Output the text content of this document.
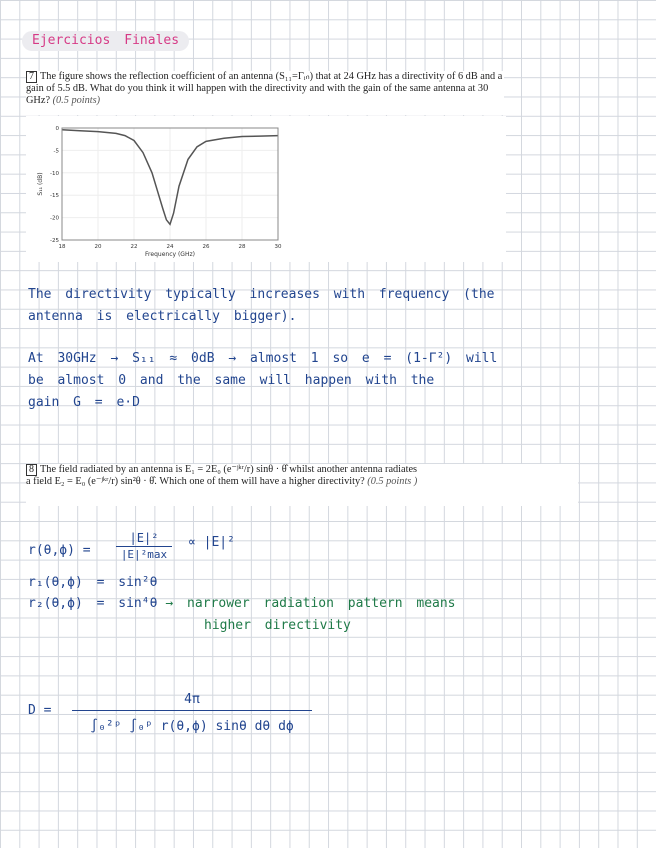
Ejercicios Finales
7 The figure shows the reflection coefficient of an antenna (S₁₁=Γᵢₙ) that at 24 GHz has a directivity of 6 dB and a gain of 5.5 dB. What do you think it will happen with the directivity and with the gain of the same antenna at 30 GHz? (0.5 points)
0
-5
-10
-15
-20
-25
18	20	22	24	26	28	30
Frequency (GHz)
S₁₁ (dB)
The directivity typically increases with frequency (the
antenna is electrically bigger).
At 30GHz → S₁₁ ≈ 0dB → almost 1 so e = (1-Γ²) will
be almost 0 and the same will happen with the
gain G = e·D
8 The field radiated by an antenna is E₁ = 2E₀ (e⁻ʲᵏʳ/r) sinθ · θ̂ whilst another antenna radiates
a field E₂ = E₀ (e⁻ʲᵏʳ/r) sin²θ · θ̂. Which one of them will have a higher directivity? (0.5 points )
r(θ,ϕ) =
|E|²
|E|²max
∝ |E|²
r₁(θ,ϕ) = sin²θ
r₂(θ,ϕ) = sin⁴θ → narrower radiation pattern means
higher directivity
$D = \frac{4\pi}{\text{∫₀²ᵖ ∫₀ᵖ r(θ,ϕ) sinθ dθ dϕ}}$
